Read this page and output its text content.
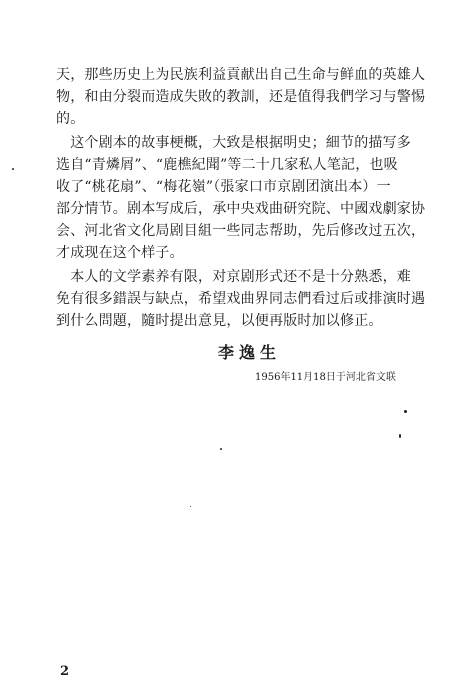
天，那些历史上为民族利益貢献出自己生命与鲜血的英雄人
物，和由分裂而造成失敗的教訓，还是值得我們学习与警惕
的。

　这个剧本的故事梗概，大致是根据明史；細节的描写多
选自“青燐屑”、“鹿樵紀聞”等二十几家私人笔記，也吸
收了“桃花扇”、“梅花嶺”（張家口市京剧团演出本）一
部分情节。剧本写成后，承中央戏曲研究院、中國戏劇家协
会、河北省文化局剧目組一些同志帮助，先后修改过五次，
才成现在这个样子。

　本人的文学素养有限，对京剧形式还不是十分熟悉，难
免有很多錯誤与缺点，希望戏曲界同志們看过后或排演时遇
到什么問題，隨时提出意見，以便再版时加以修正。

李逸生
1956年11月18日于河北省文联
2
